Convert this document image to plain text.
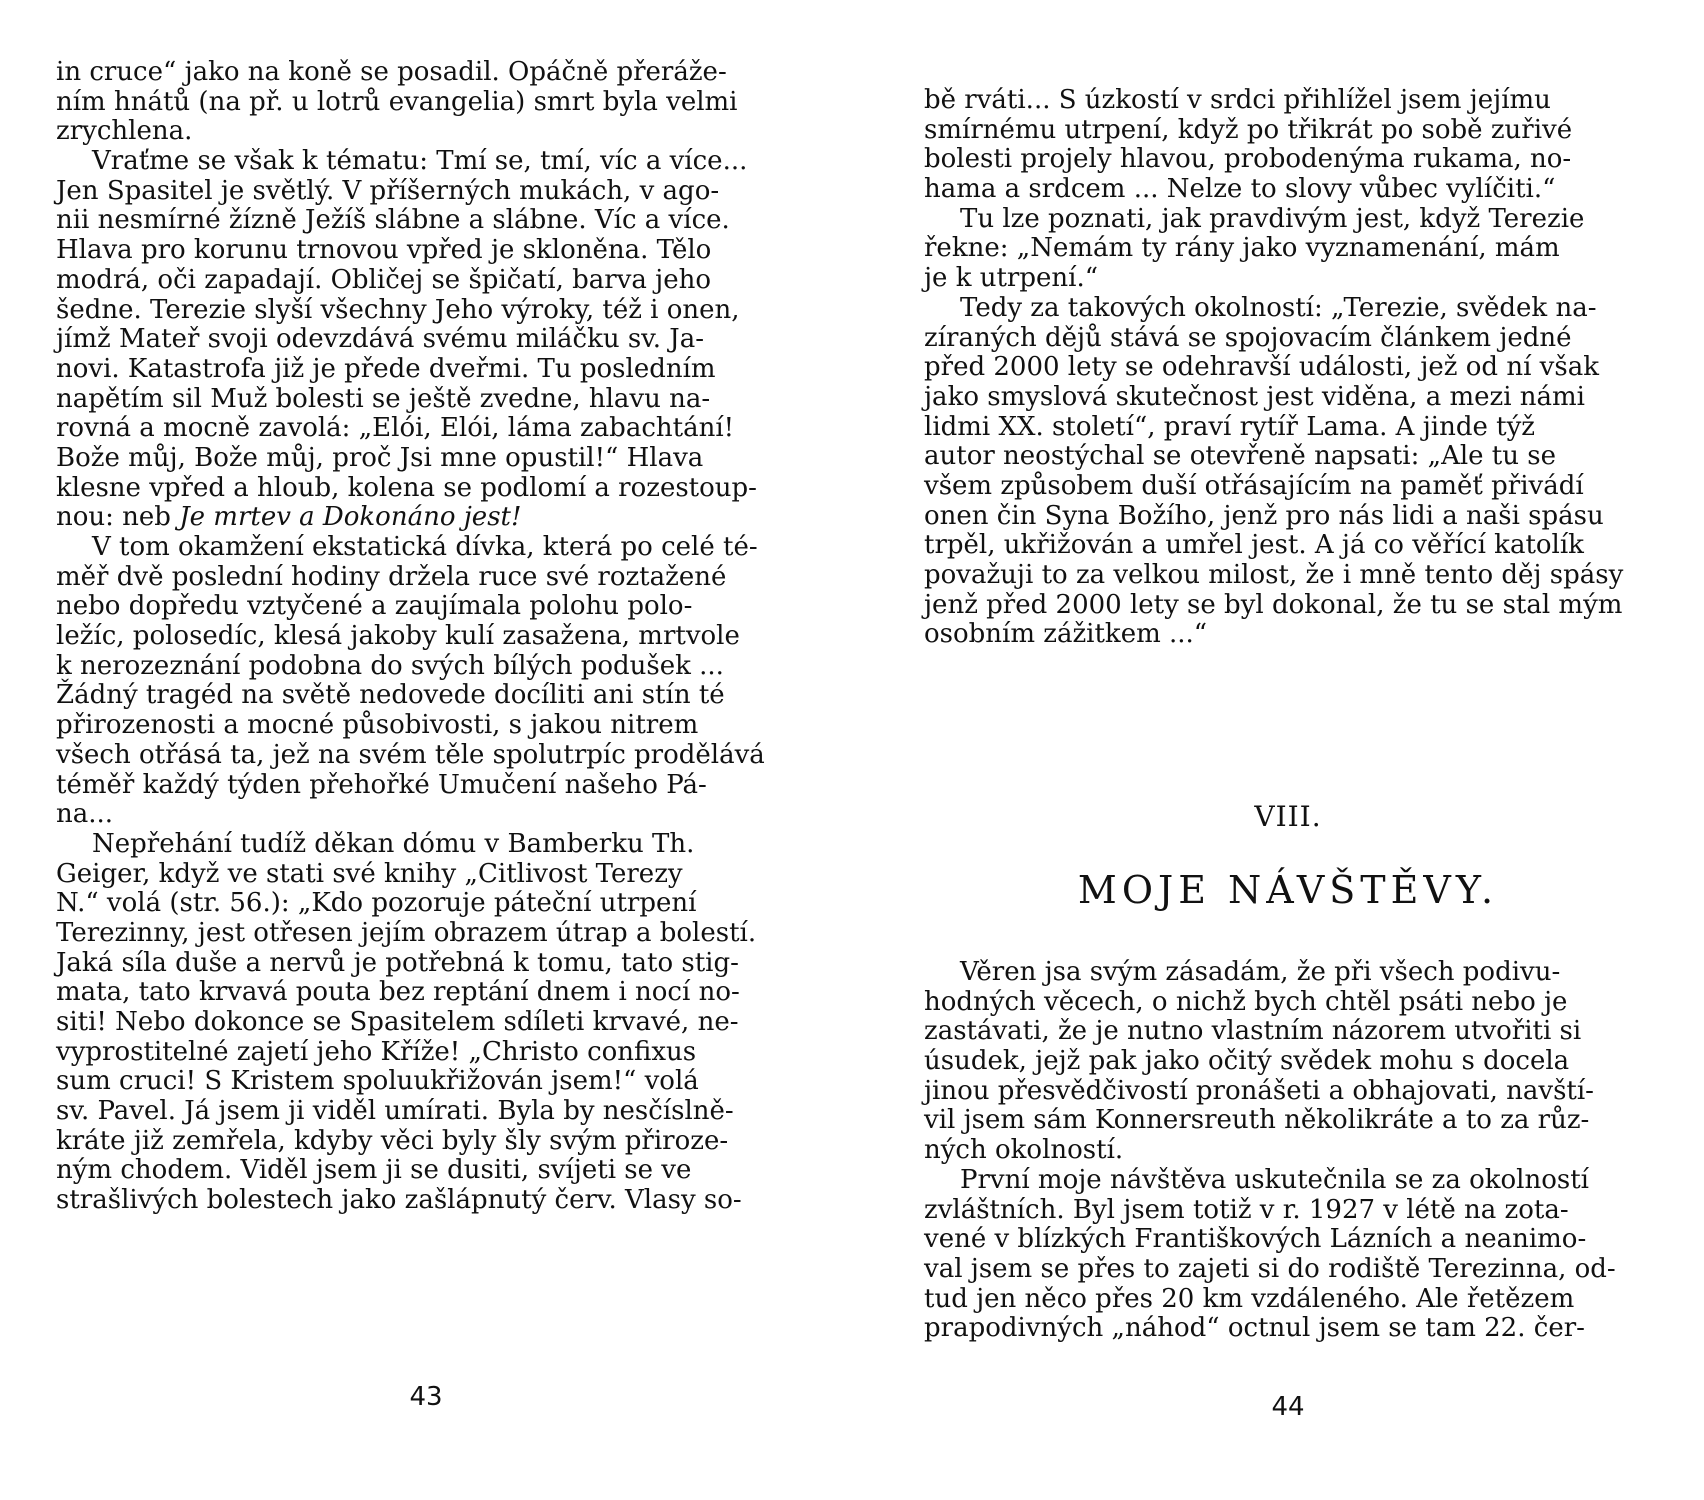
in cruce“ jako na koně se posadil. Opáčně přeráže-
ním hnátů (na př. u lotrů evangelia) smrt byla velmi
zrychlena.
Vraťme se však k tématu: Tmí se, tmí, víc a více...
Jen Spasitel je světlý. V příšerných mukách, v ago-
nii nesmírné žízně Ježíš slábne a slábne. Víc a více.
Hlava pro korunu trnovou vpřed je skloněna. Tělo
modrá, oči zapadají. Obličej se špičatí, barva jeho
šedne. Terezie slyší všechny Jeho výroky, též i onen,
jímž Mateř svoji odevzdává svému miláčku sv. Ja-
novi. Katastrofa již je přede dveřmi. Tu posledním
napětím sil Muž bolesti se ještě zvedne, hlavu na-
rovná a mocně zavolá: „Elói, Elói, láma zabachtání!
Bože můj, Bože můj, proč Jsi mne opustil!“ Hlava
klesne vpřed a hloub, kolena se podlomí a rozestoup-
nou: neb Je mrtev a Dokonáno jest!
V tom okamžení ekstatická dívka, která po celé té-
měř dvě poslední hodiny držela ruce své roztažené
nebo dopředu vztyčené a zaujímala polohu polo-
ležíc, polosedíc, klesá jakoby kulí zasažena, mrtvole
k nerozeznání podobna do svých bílých podušek ...
Žádný tragéd na světě nedovede docíliti ani stín té
přirozenosti a mocné působivosti, s jakou nitrem
všech otřásá ta, jež na svém těle spolutrpíc prodělává
téměř každý týden přehořké Umučení našeho Pá-
na...
Nepřehání tudíž děkan dómu v Bamberku Th.
Geiger, když ve stati své knihy „Citlivost Terezy
N.“ volá (str. 56.): „Kdo pozoruje páteční utrpení
Terezinny, jest otřesen jejím obrazem útrap a bolestí.
Jaká síla duše a nervů je potřebná k tomu, tato stig-
mata, tato krvavá pouta bez reptání dnem i nocí no-
siti! Nebo dokonce se Spasitelem sdíleti krvavé, ne-
vyprostitelné zajetí jeho Kříže! „Christo confixus
sum cruci! S Kristem spoluukřižován jsem!“ volá
sv. Pavel. Já jsem ji viděl umírati. Byla by nesčíslně-
kráte již zemřela, kdyby věci byly šly svým přiroze-
ným chodem. Viděl jsem ji se dusiti, svíjeti se ve
strašlivých bolestech jako zašlápnutý červ. Vlasy so-
43
bě rváti... S úzkostí v srdci přihlížel jsem jejímu
smírnému utrpení, když po třikrát po sobě zuřivé
bolesti projely hlavou, probodenýma rukama, no-
hama a srdcem ... Nelze to slovy vůbec vylíčiti.“
Tu lze poznati, jak pravdivým jest, když Terezie
řekne: „Nemám ty rány jako vyznamenání, mám
je k utrpení.“
Tedy za takových okolností: „Terezie, svědek na-
zíraných dějů stává se spojovacím článkem jedné
před 2000 lety se odehravší události, jež od ní však
jako smyslová skutečnost jest viděna, a mezi námi
lidmi XX. století“, praví rytíř Lama. A jinde týž
autor neostýchal se otevřeně napsati: „Ale tu se
všem způsobem duší otřásajícím na paměť přivádí
onen čin Syna Božího, jenž pro nás lidi a naši spásu
trpěl, ukřižován a umřel jest. A já co věřící katolík
považuji to za velkou milost, že i mně tento děj spásy
jenž před 2000 lety se byl dokonal, že tu se stal mým
osobním zážitkem ...“
VIII.
MOJE NÁVŠTĚVY.
Věren jsa svým zásadám, že při všech podivu-
hodných věcech, o nichž bych chtěl psáti nebo je
zastávati, že je nutno vlastním názorem utvořiti si
úsudek, jejž pak jako očitý svědek mohu s docela
jinou přesvědčivostí pronášeti a obhajovati, navští-
vil jsem sám Konnersreuth několikráte a to za růz-
ných okolností.
První moje návštěva uskutečnila se za okolností
zvláštních. Byl jsem totiž v r. 1927 v létě na zota-
vené v blízkých Františkových Lázních a neanimo-
val jsem se přes to zajeti si do rodiště Terezinna, od-
tud jen něco přes 20 km vzdáleného. Ale řetězem
prapodivných „náhod“ octnul jsem se tam 22. čer-
44
